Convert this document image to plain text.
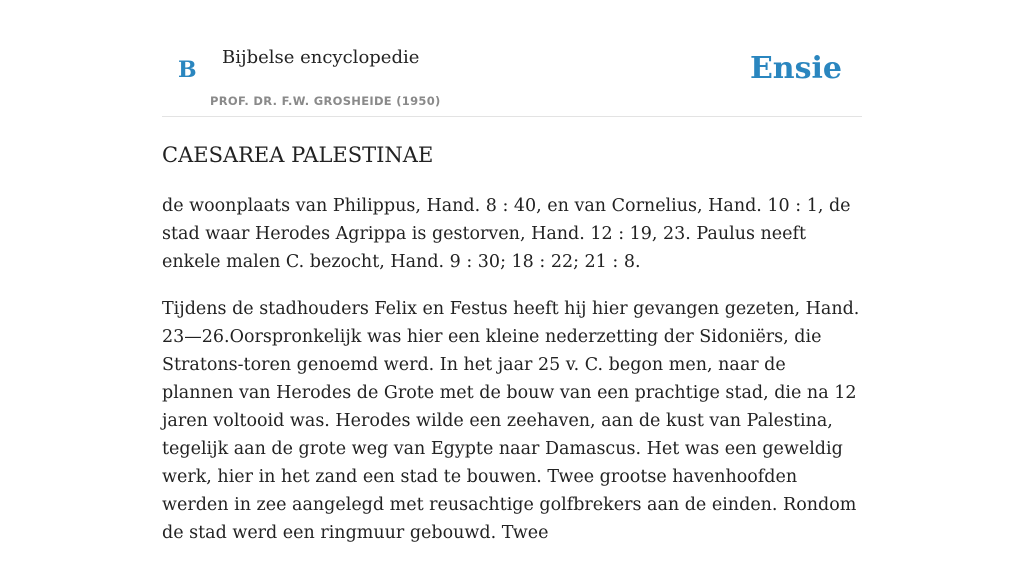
B Bijbelse encyclopedie
PROF. DR. F.W. GROSHEIDE (1950)
Ensie
CAESAREA PALESTINAE

de woonplaats van Philippus, Hand. 8 : 40, en van Cornelius, Hand. 10 : 1, de stad waar Herodes Agrippa is gestorven, Hand. 12 : 19, 23. Paulus neeft enkele malen C. bezocht, Hand. 9 : 30; 18 : 22; 21 : 8.

Tijdens de stadhouders Felix en Festus heeft hij hier gevangen gezeten, Hand. 23—26.Oorspronkelijk was hier een kleine nederzetting der Sidoniërs, die Stratons-toren genoemd werd. In het jaar 25 v. C. begon men, naar de plannen van Herodes de Grote met de bouw van een prachtige stad, die na 12 jaren voltooid was. Herodes wilde een zeehaven, aan de kust van Palestina, tegelijk aan de grote weg van Egypte naar Damascus. Het was een geweldig werk, hier in het zand een stad te bouwen. Twee grootse havenhoofden werden in zee aangelegd met reusachtige golfbrekers aan de einden. Rondom de stad werd een ringmuur gebouwd. Twee
